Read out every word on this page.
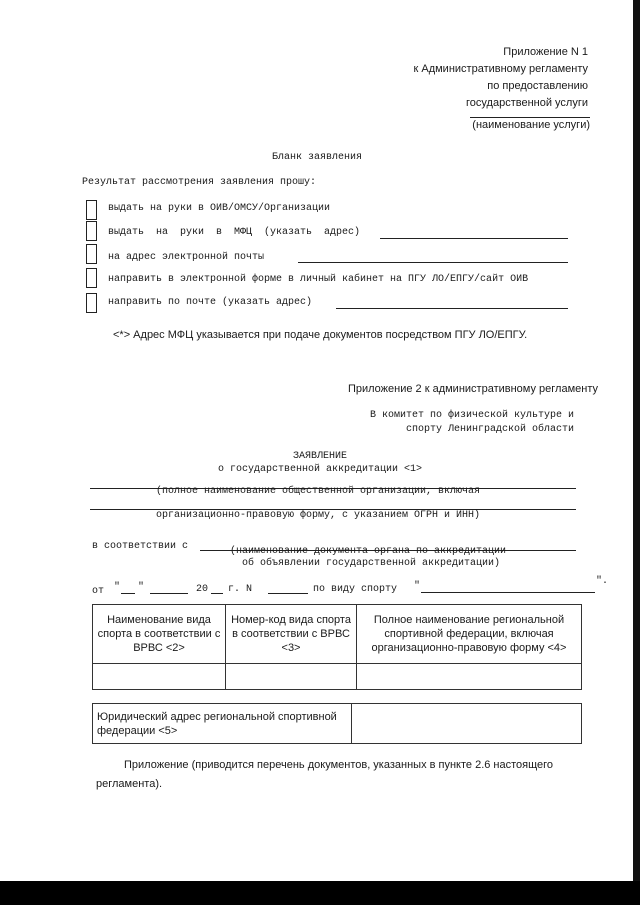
Приложение N 1
к Административному регламенту
по предоставлению
государственной услуги
(наименование услуги)
Бланк заявления
Результат рассмотрения заявления прошу:
выдать на руки в ОИВ/ОМСУ/Организации
выдать на руки в МФЦ (указать адрес)
на адрес электронной почты
направить в электронной форме в личный кабинет на ПГУ ЛО/ЕПГУ/сайт ОИВ
направить по почте (указать адрес)
<*> Адрес МФЦ указывается при подаче документов посредством ПГУ ЛО/ЕПГУ.
Приложение 2 к административному регламенту
В комитет по физической культуре и
спорту Ленинградской области
ЗАЯВЛЕНИЕ
о государственной аккредитации <1>
(полное наименование общественной организации, включая
организационно-правовую форму, с указанием ОГРН и ИНН)
в соответствии с	(наименование документа органа по аккредитации
об объявлении государственной аккредитации)
от " "	20 г. N	по виду спорту "	".
Наименование вида спорта в соответствии с ВРВС <2>	Номер-код вида спорта в соответствии с ВРВС <3>	Полное наименование региональной спортивной федерации, включая организационно-правовую форму <4>

Юридический адрес региональной спортивной федерации <5>	
Приложение (приводится перечень документов, указанных в пункте 2.6 настоящего
регламента).
